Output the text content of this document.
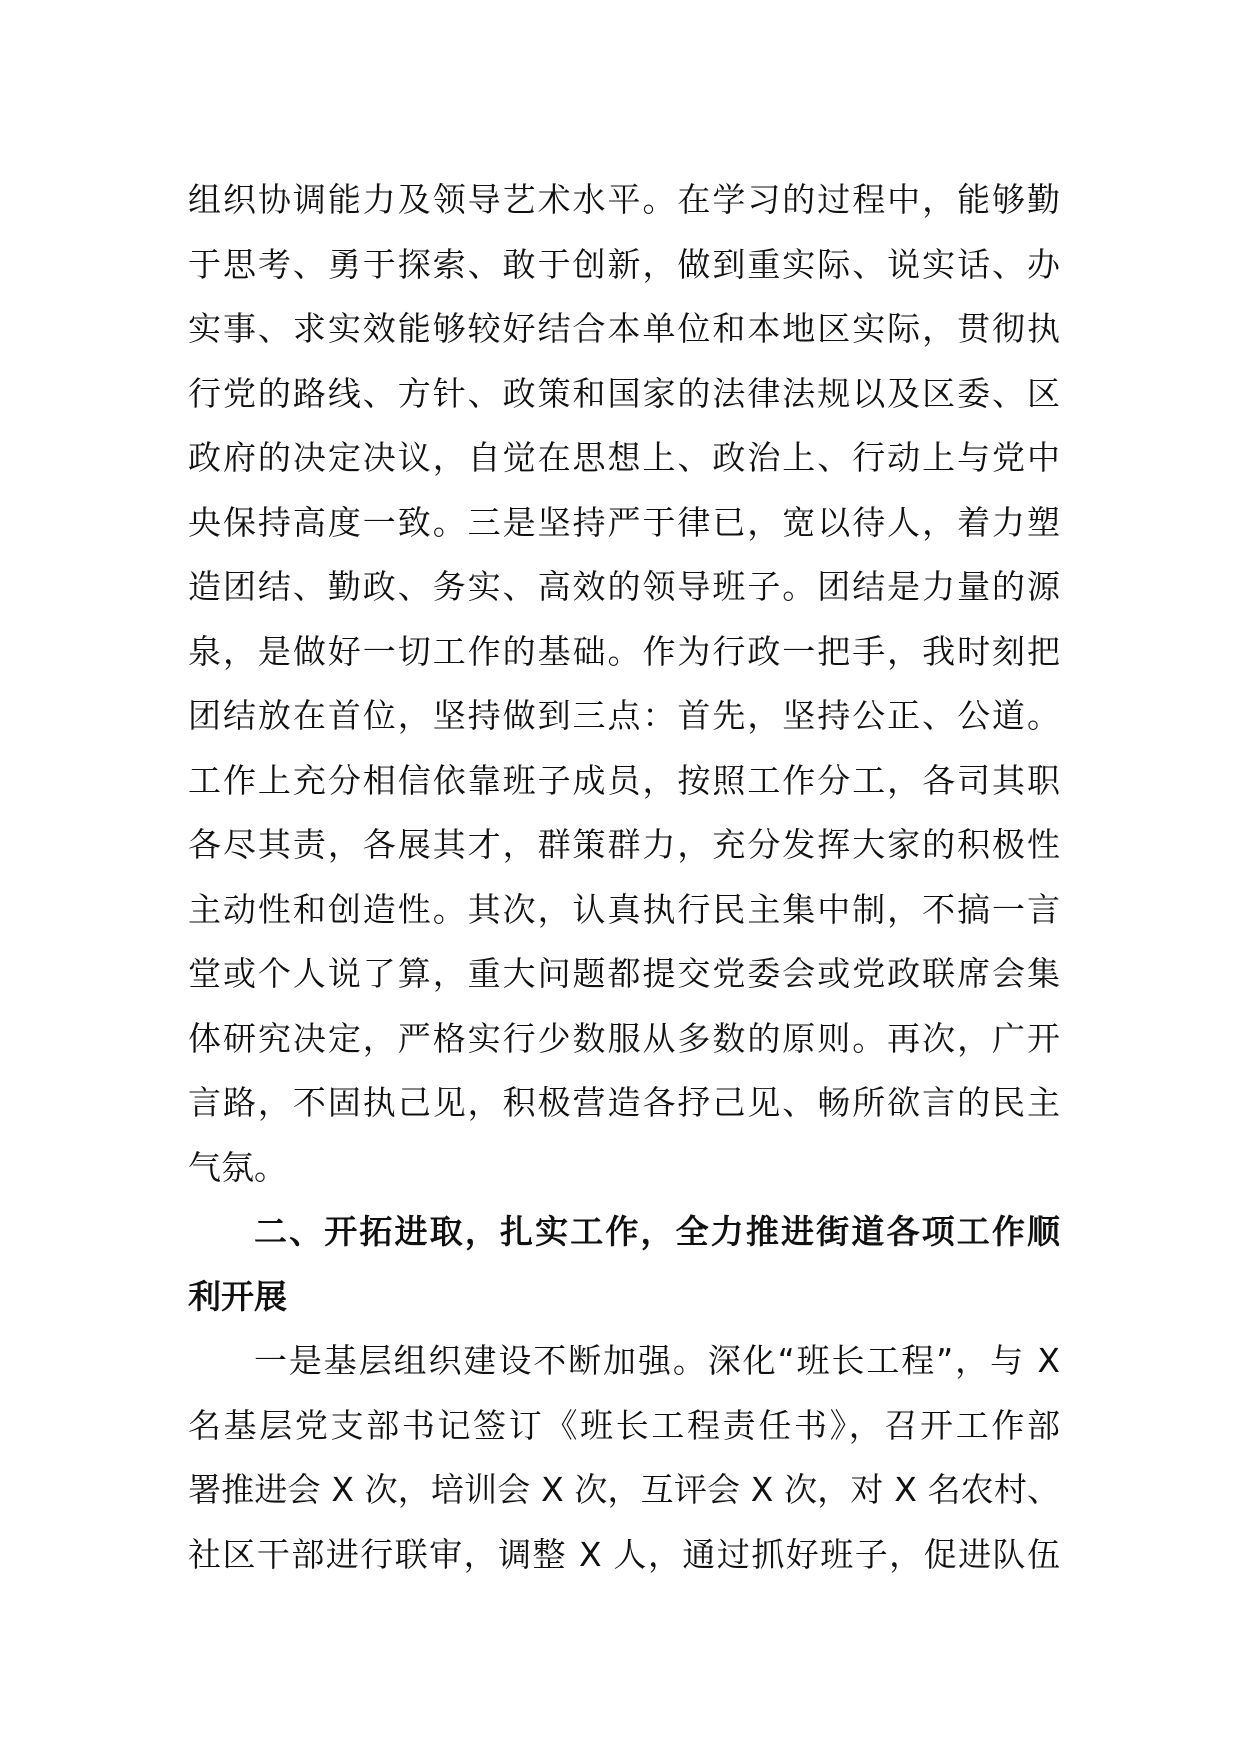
组织协调能力及领导艺术水平。在学习的过程中，能够勤
于思考、勇于探索、敢于创新，做到重实际、说实话、办
实事、求实效能够较好结合本单位和本地区实际，贯彻执
行党的路线、方针、政策和国家的法律法规以及区委、区
政府的决定决议，自觉在思想上、政治上、行动上与党中
央保持高度一致。三是坚持严于律已，宽以待人，着力塑
造团结、勤政、务实、高效的领导班子。团结是力量的源
泉，是做好一切工作的基础。作为行政一把手，我时刻把
团结放在首位，坚持做到三点：首先，坚持公正、公道。
工作上充分相信依靠班子成员，按照工作分工，各司其职
各尽其责，各展其才，群策群力，充分发挥大家的积极性
主动性和创造性。其次，认真执行民主集中制，不搞一言
堂或个人说了算，重大问题都提交党委会或党政联席会集
体研究决定，严格实行少数服从多数的原则。再次，广开
言路，不固执己见，积极营造各抒己见、畅所欲言的民主
气氛。
二、开拓进取，扎实工作，全力推进街道各项工作顺
利开展
一是基层组织建设不断加强。深化“班长工程”，与 X
名基层党支部书记签订《班长工程责任书》，召开工作部
署推进会 X 次，培训会 X 次，互评会 X 次，对 X 名农村、
社区干部进行联审，调整 X 人，通过抓好班子，促进队伍
